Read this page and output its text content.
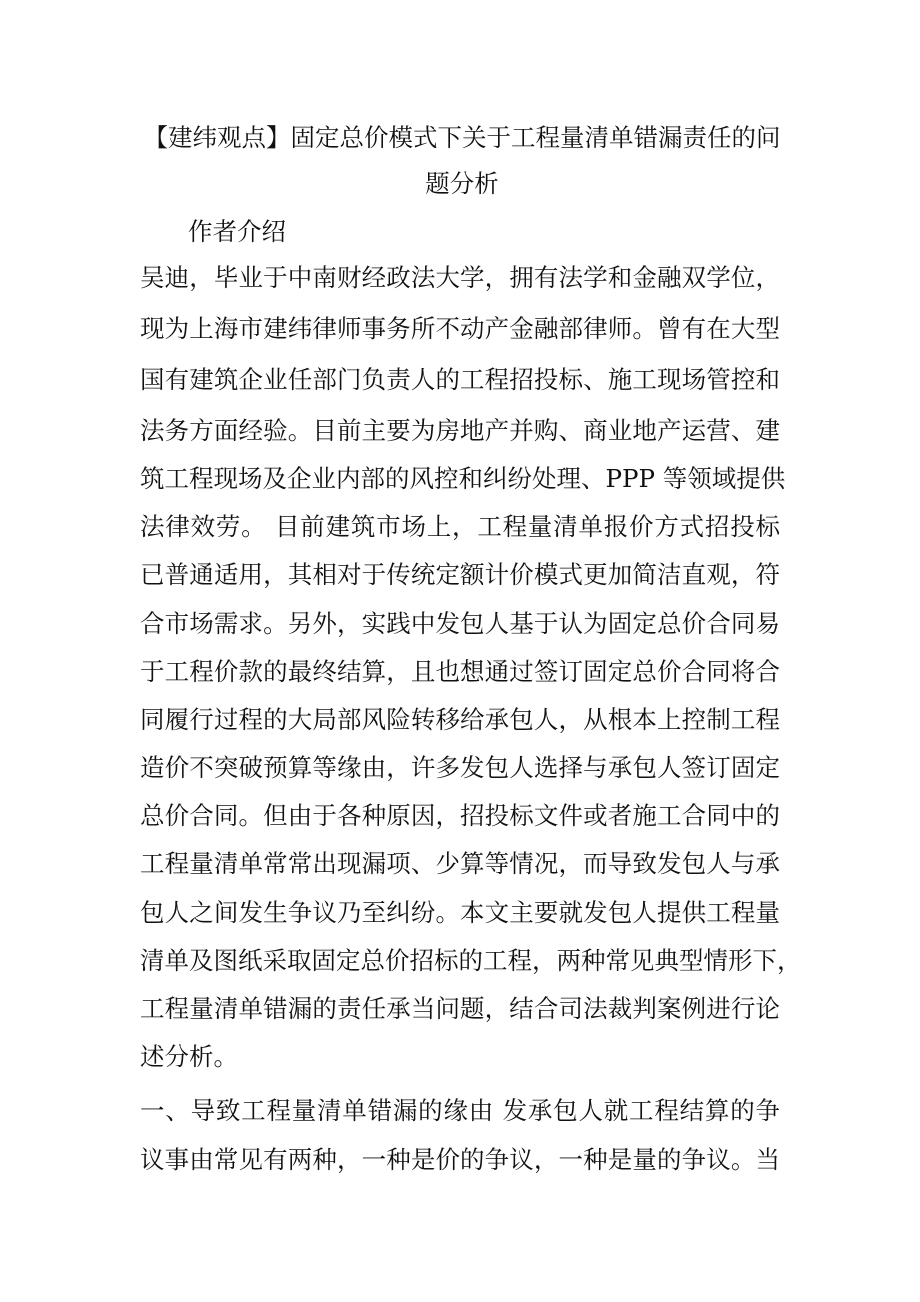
【建纬观点】固定总价模式下关于工程量清单错漏责任的问
题分析
作者介绍
吴迪，毕业于中南财经政法大学，拥有法学和金融双学位，
现为上海市建纬律师事务所不动产金融部律师。曾有在大型
国有建筑企业任部门负责人的工程招投标、施工现场管控和
法务方面经验。目前主要为房地产并购、商业地产运营、建
筑工程现场及企业内部的风控和纠纷处理、PPP 等领域提供
法律效劳。 目前建筑市场上，工程量清单报价方式招投标
已普通适用，其相对于传统定额计价模式更加简洁直观，符
合市场需求。另外，实践中发包人基于认为固定总价合同易
于工程价款的最终结算，且也想通过签订固定总价合同将合
同履行过程的大局部风险转移给承包人，从根本上控制工程
造价不突破预算等缘由，许多发包人选择与承包人签订固定
总价合同。但由于各种原因，招投标文件或者施工合同中的
工程量清单常常出现漏项、少算等情况，而导致发包人与承
包人之间发生争议乃至纠纷。本文主要就发包人提供工程量
清单及图纸采取固定总价招标的工程，两种常见典型情形下，
工程量清单错漏的责任承当问题，结合司法裁判案例进行论
述分析。
一、导致工程量清单错漏的缘由 发承包人就工程结算的争
议事由常见有两种，一种是价的争议，一种是量的争议。当
